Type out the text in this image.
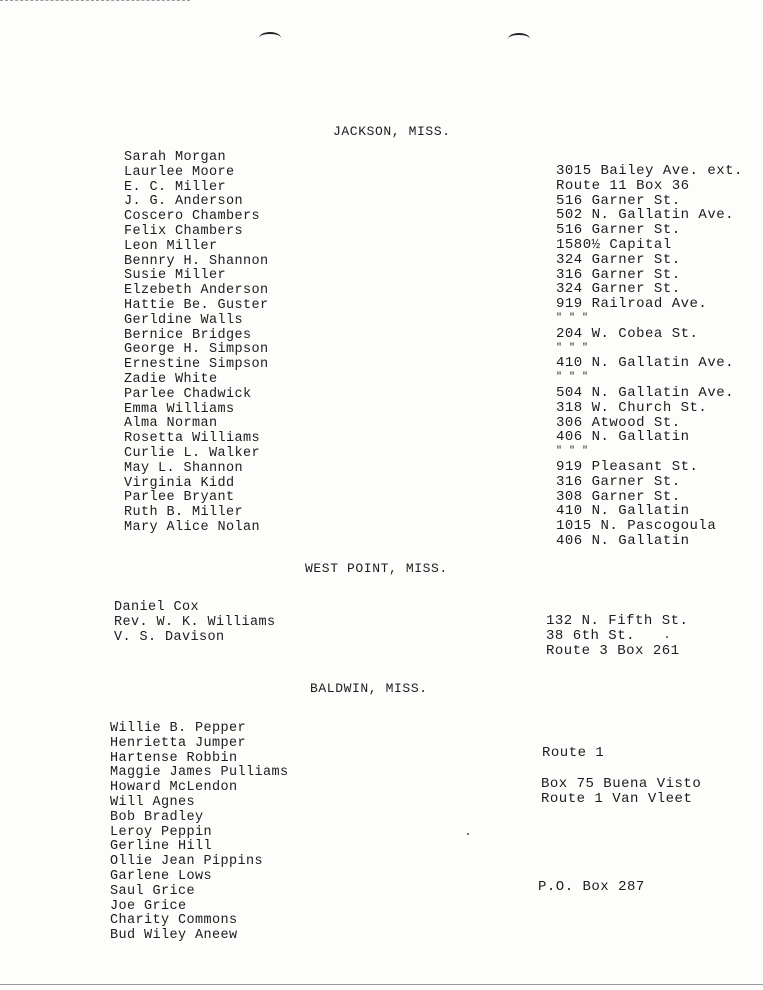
JACKSON, MISS.
Sarah Morgan
Laurlee Moore
E. C. Miller
J. G. Anderson
Coscero Chambers
Felix Chambers
Leon Miller
Bennry H. Shannon
Susie Miller
Elzebeth Anderson
Hattie Be. Guster
Gerldine Walls
Bernice Bridges
George H. Simpson
Ernestine Simpson
Zadie White
Parlee Chadwick
Emma Williams
Alma Norman
Rosetta Williams
Curlie L. Walker
May L. Shannon
Virginia Kidd
Parlee Bryant
Ruth B. Miller
Mary Alice Nolan
3015 Bailey Ave. ext.
Route 11 Box 36
516 Garner St.
502 N. Gallatin Ave.
516 Garner St.
1580½ Capital
324 Garner St.
316 Garner St.
324 Garner St.
919 Railroad Ave.
" " "
204 W. Cobea St.
" " "
410 N. Gallatin Ave.
" " "
504 N. Gallatin Ave.
318 W. Church St.
306 Atwood St.
406 N. Gallatin
" " "
919 Pleasant St.
316 Garner St.
308 Garner St.
410 N. Gallatin
1015 N. Pascogoula
406 N. Gallatin
WEST POINT, MISS.
Daniel Cox
Rev. W. K. Williams
V. S. Davison
132 N. Fifth St.
38 6th St.
Route 3 Box 261
BALDWIN, MISS.
Willie B. Pepper
Henrietta Jumper
Hartense Robbin
Maggie James Pulliams
Howard McLendon
Will Agnes
Bob Bradley
Leroy Peppin
Gerline Hill
Ollie Jean Pippins
Garlene Lows
Saul Grice
Joe Grice
Charity Commons
Bud Wiley Aneew
Route 1
Box 75 Buena Visto
Route 1 Van Vleet
P.O. Box 287
